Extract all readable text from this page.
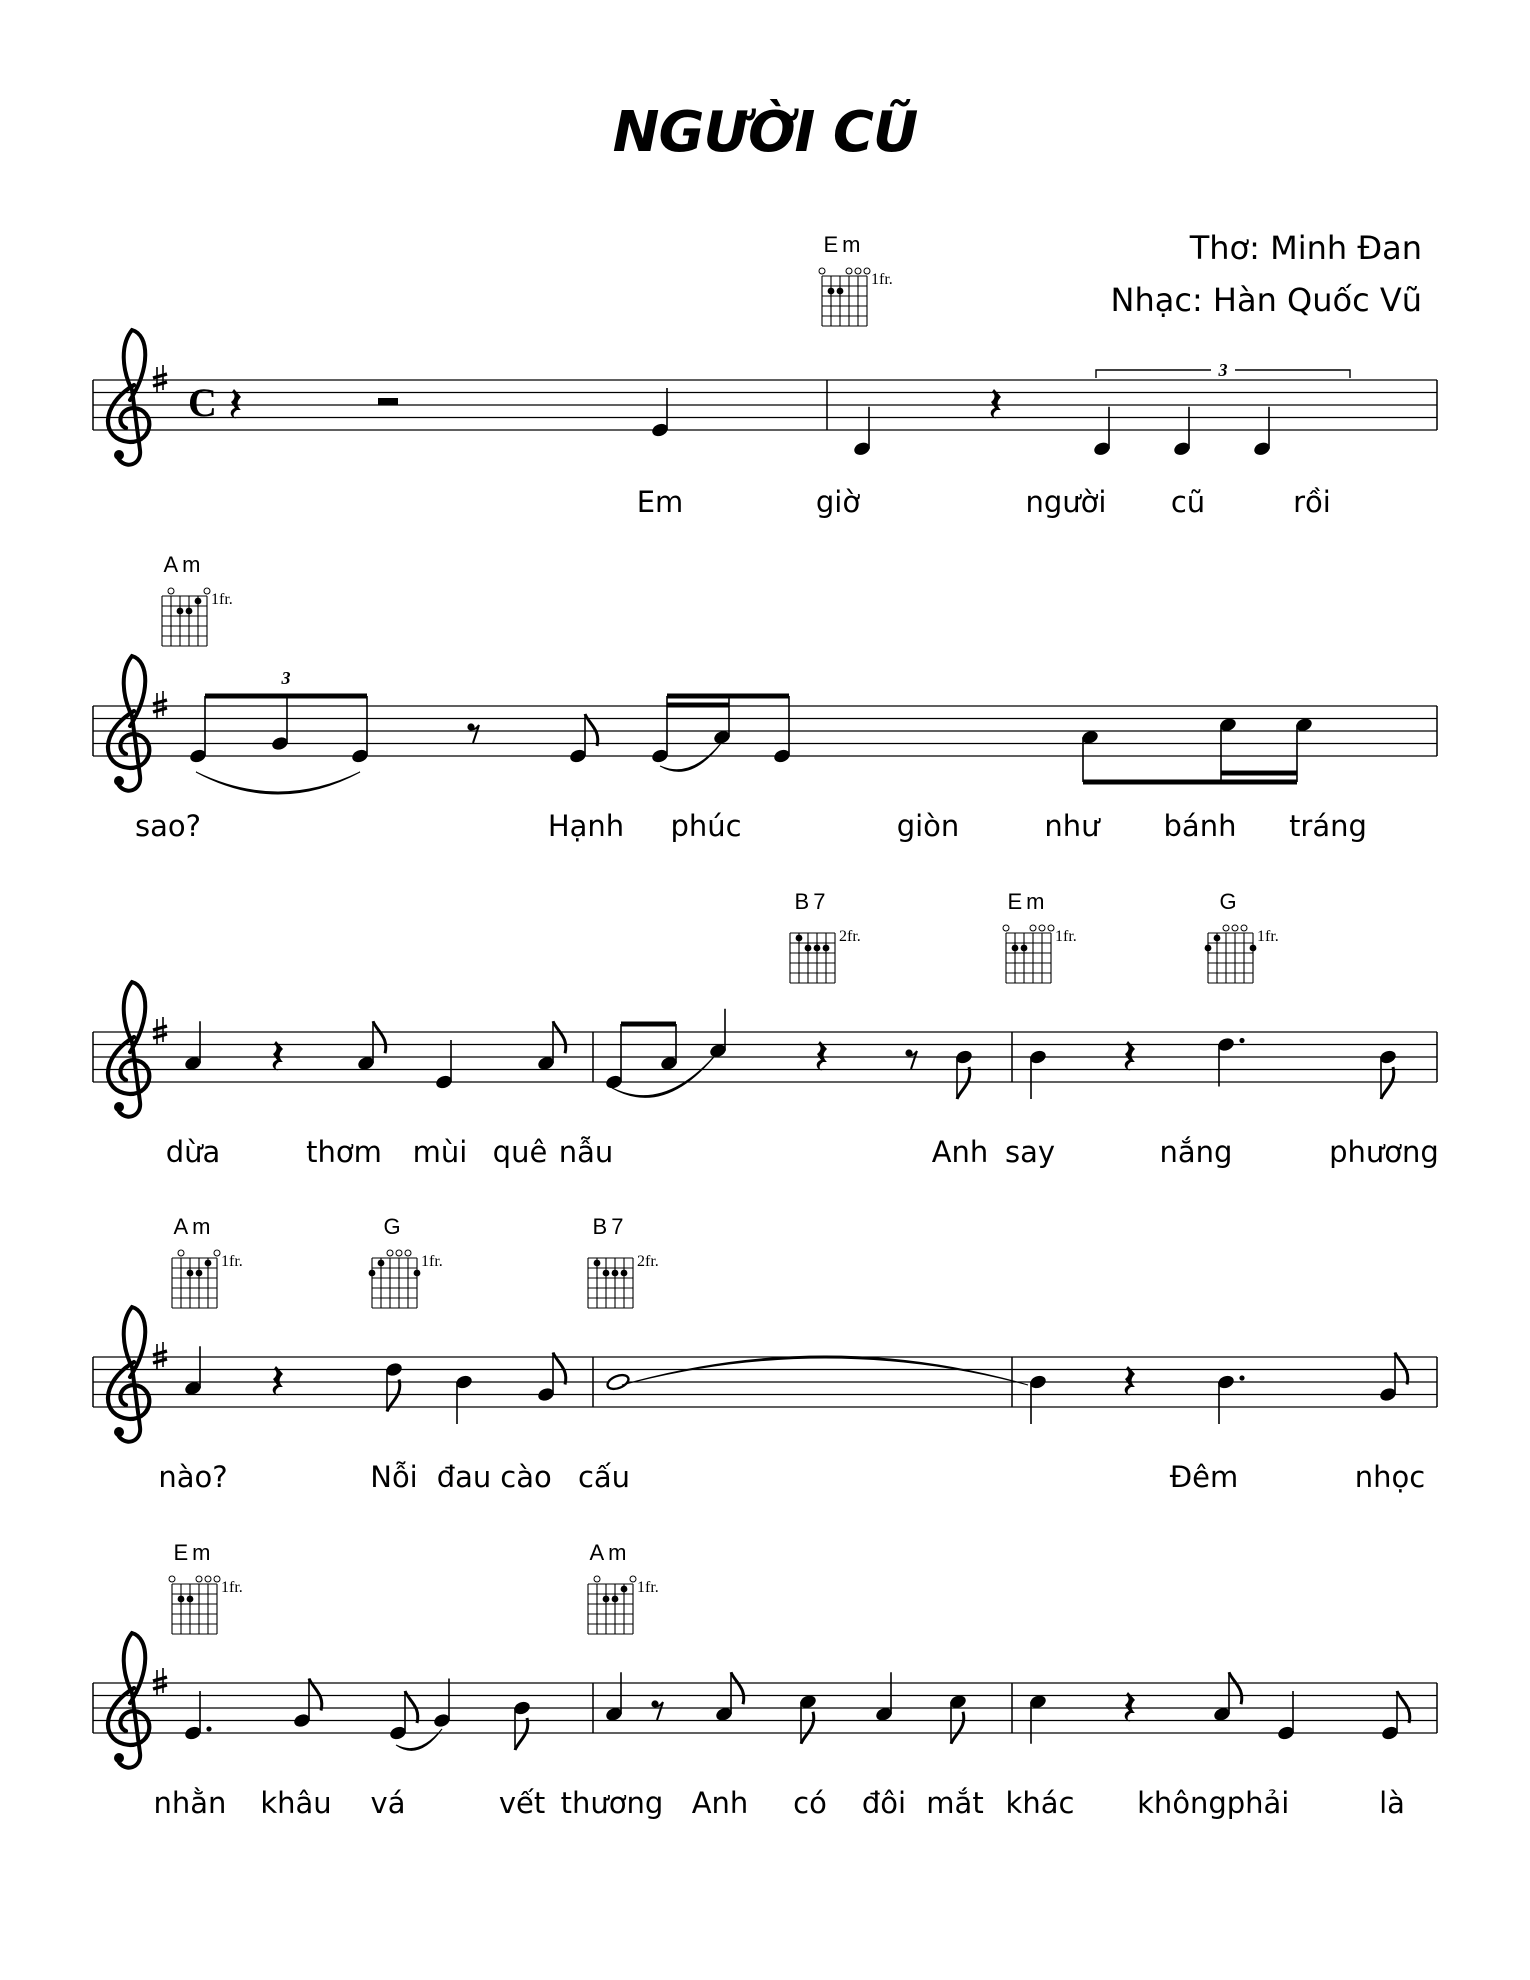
C
3
3
Em
1fr.
Am
1fr.
B7
2fr.
Em
1fr.
G
1fr.
Am
1fr.
G
1fr.
B7
2fr.
Em
1fr.
Am
1fr.
Em	giờ	người cũ	rồi
sao?	Hạnh phúc	giòn	như bánh tráng
dừa	thơm mùi quê nẫu	Anh say	nắng	phương
nào?	Nỗi đau cào cấu	Đêm	nhọc
nhằn khâu vá	vết thương Anh có đôi mắt khác không phải	là
NGƯỜI CŨ
Thơ: Minh Đan
Nhạc: Hàn Quốc Vũ
